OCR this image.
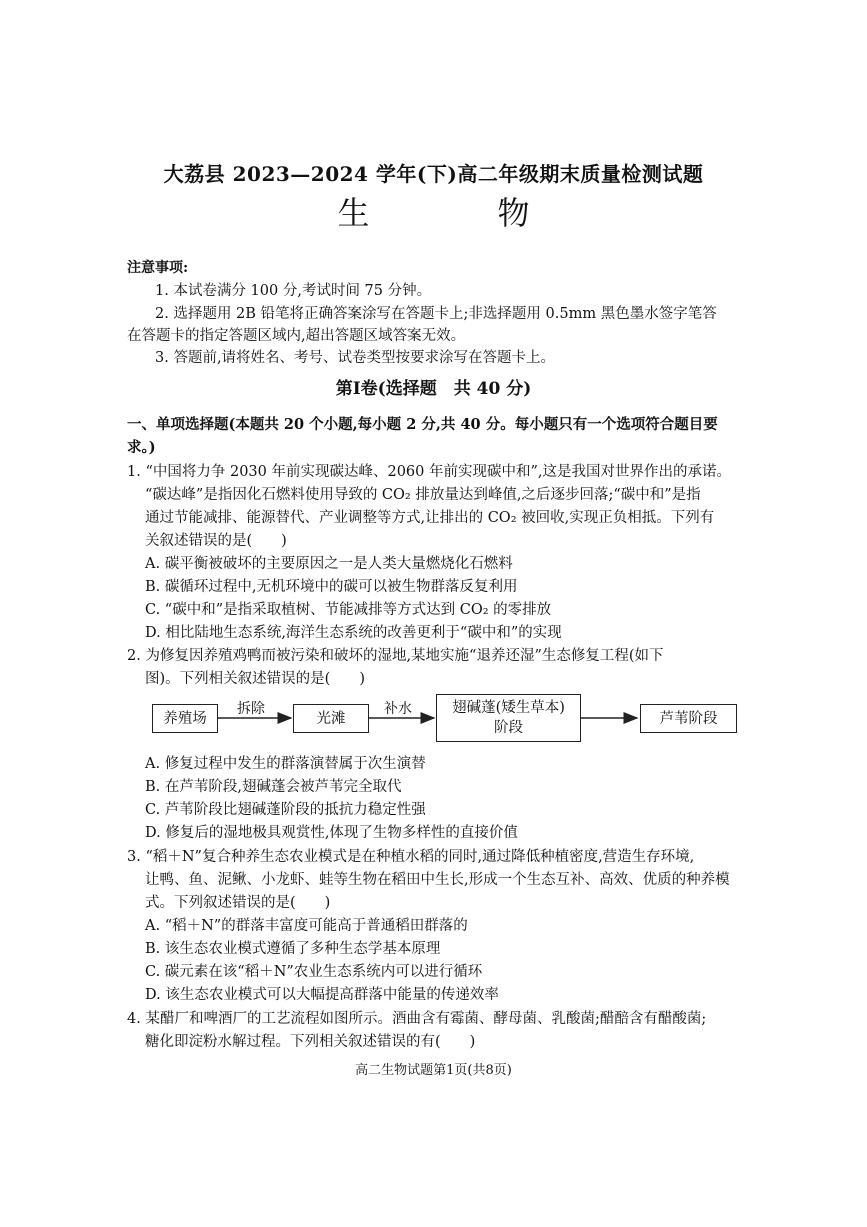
大荔县 2023—2024 学年(下)高二年级期末质量检测试题
生　物
注意事项:
1. 本试卷满分 100 分,考试时间 75 分钟。
2. 选择题用 2B 铅笔将正确答案涂写在答题卡上;非选择题用 0.5mm 黑色墨水签字笔答
在答题卡的指定答题区域内,超出答题区域答案无效。
3. 答题前,请将姓名、考号、试卷类型按要求涂写在答题卡上。
第Ⅰ卷(选择题　共 40 分)
一、单项选择题(本题共 20 个小题,每小题 2 分,共 40 分。每小题只有一个选项符合题目要
求。)
1. “中国将力争 2030 年前实现碳达峰、2060 年前实现碳中和”,这是我国对世界作出的承诺。
“碳达峰”是指因化石燃料使用导致的 CO₂ 排放量达到峰值,之后逐步回落;“碳中和”是指
通过节能减排、能源替代、产业调整等方式,让排出的 CO₂ 被回收,实现正负相抵。下列有
关叙述错误的是(　　)
A. 碳平衡被破坏的主要原因之一是人类大量燃烧化石燃料
B. 碳循环过程中,无机环境中的碳可以被生物群落反复利用
C. “碳中和”是指采取植树、节能减排等方式达到 CO₂ 的零排放
D. 相比陆地生态系统,海洋生态系统的改善更利于“碳中和”的实现
2. 为修复因养殖鸡鸭而被污染和破坏的湿地,某地实施“退养还湿”生态修复工程(如下
图)。下列相关叙述错误的是(　　)
养殖场
拆除
光滩
补水	翅碱蓬(矮生草本)
阶段
芦苇阶段
A. 修复过程中发生的群落演替属于次生演替
B. 在芦苇阶段,翅碱蓬会被芦苇完全取代
C. 芦苇阶段比翅碱蓬阶段的抵抗力稳定性强
D. 修复后的湿地极具观赏性,体现了生物多样性的直接价值
3. “稻＋N”复合种养生态农业模式是在种植水稻的同时,通过降低种植密度,营造生存环境,
让鸭、鱼、泥鳅、小龙虾、蛙等生物在稻田中生长,形成一个生态互补、高效、优质的种养模
式。下列叙述错误的是(　　)
A. “稻＋N”的群落丰富度可能高于普通稻田群落的
B. 该生态农业模式遵循了多种生态学基本原理
C. 碳元素在该“稻＋N”农业生态系统内可以进行循环
D. 该生态农业模式可以大幅提高群落中能量的传递效率
4. 某醋厂和啤酒厂的工艺流程如图所示。酒曲含有霉菌、酵母菌、乳酸菌;醋醅含有醋酸菌;
糖化即淀粉水解过程。下列相关叙述错误的有(　　)
高二生物试题第1页(共8页)
